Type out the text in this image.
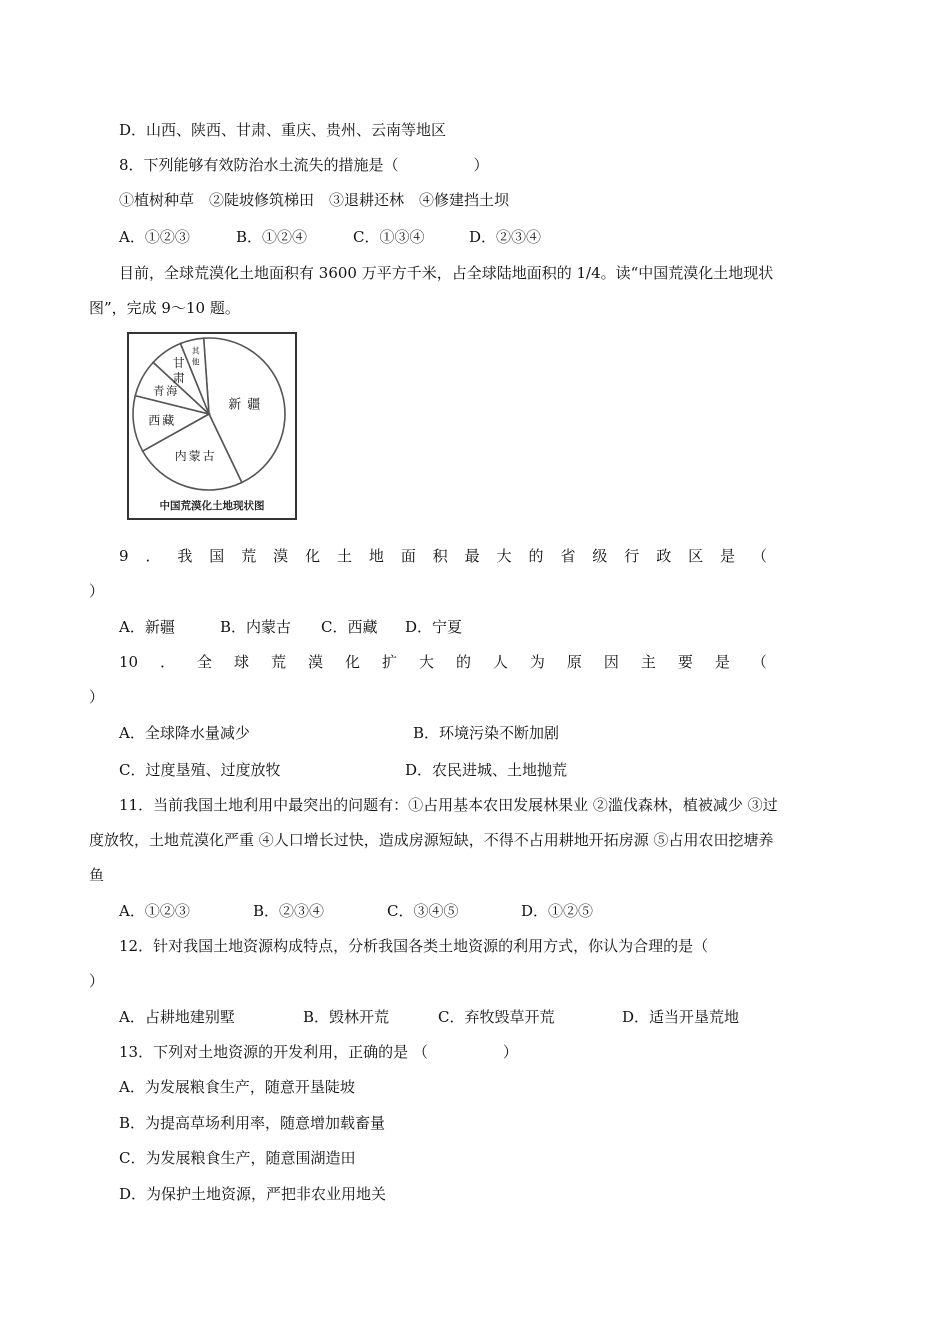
D．山西、陕西、甘肃、重庆、贵州、云南等地区
8．下列能够有效防治水土流失的措施是（　　　　　）
①植树种草　②陡坡修筑梯田　③退耕还林　④修建挡土坝
A．①②③	B．①②④	C．①③④	D．②③④
目前，全球荒漠化土地面积有 3600 万平方千米，占全球陆地面积的 1/4。读“中国荒漠化土地现状
图”，完成 9～10 题。
新疆
内蒙古
西藏
青海
甘肃
其他
中国荒漠化土地现状图
9 ． 我 国 荒 漠 化 土 地 面 积 最 大 的 省 级 行 政 区 是 （
）
A．新疆	B．内蒙古 C．西藏 D．宁夏
10 ． 全 球 荒 漠 化 扩 大 的 人 为 原 因 主 要 是 （
）
A．全球降水量减少	B．环境污染不断加剧
C．过度垦殖、过度放牧	D．农民进城、土地抛荒
11．当前我国土地利用中最突出的问题有：①占用基本农田发展林果业 ②滥伐森林，植被减少 ③过
度放牧，土地荒漠化严重 ④人口增长过快，造成房源短缺，不得不占用耕地开拓房源 ⑤占用农田挖塘养
鱼
A．①②③	B．②③④	C．③④⑤	D．①②⑤
12．针对我国土地资源构成特点，分析我国各类土地资源的利用方式，你认为合理的是（
）
A．占耕地建别墅	B．毁林开荒	C．弃牧毁草开荒	D．适当开垦荒地
13．下列对土地资源的开发利用，正确的是 （　　　　　）
A．为发展粮食生产，随意开垦陡坡
B．为提高草场利用率，随意增加载畜量
C．为发展粮食生产，随意围湖造田
D．为保护土地资源，严把非农业用地关
